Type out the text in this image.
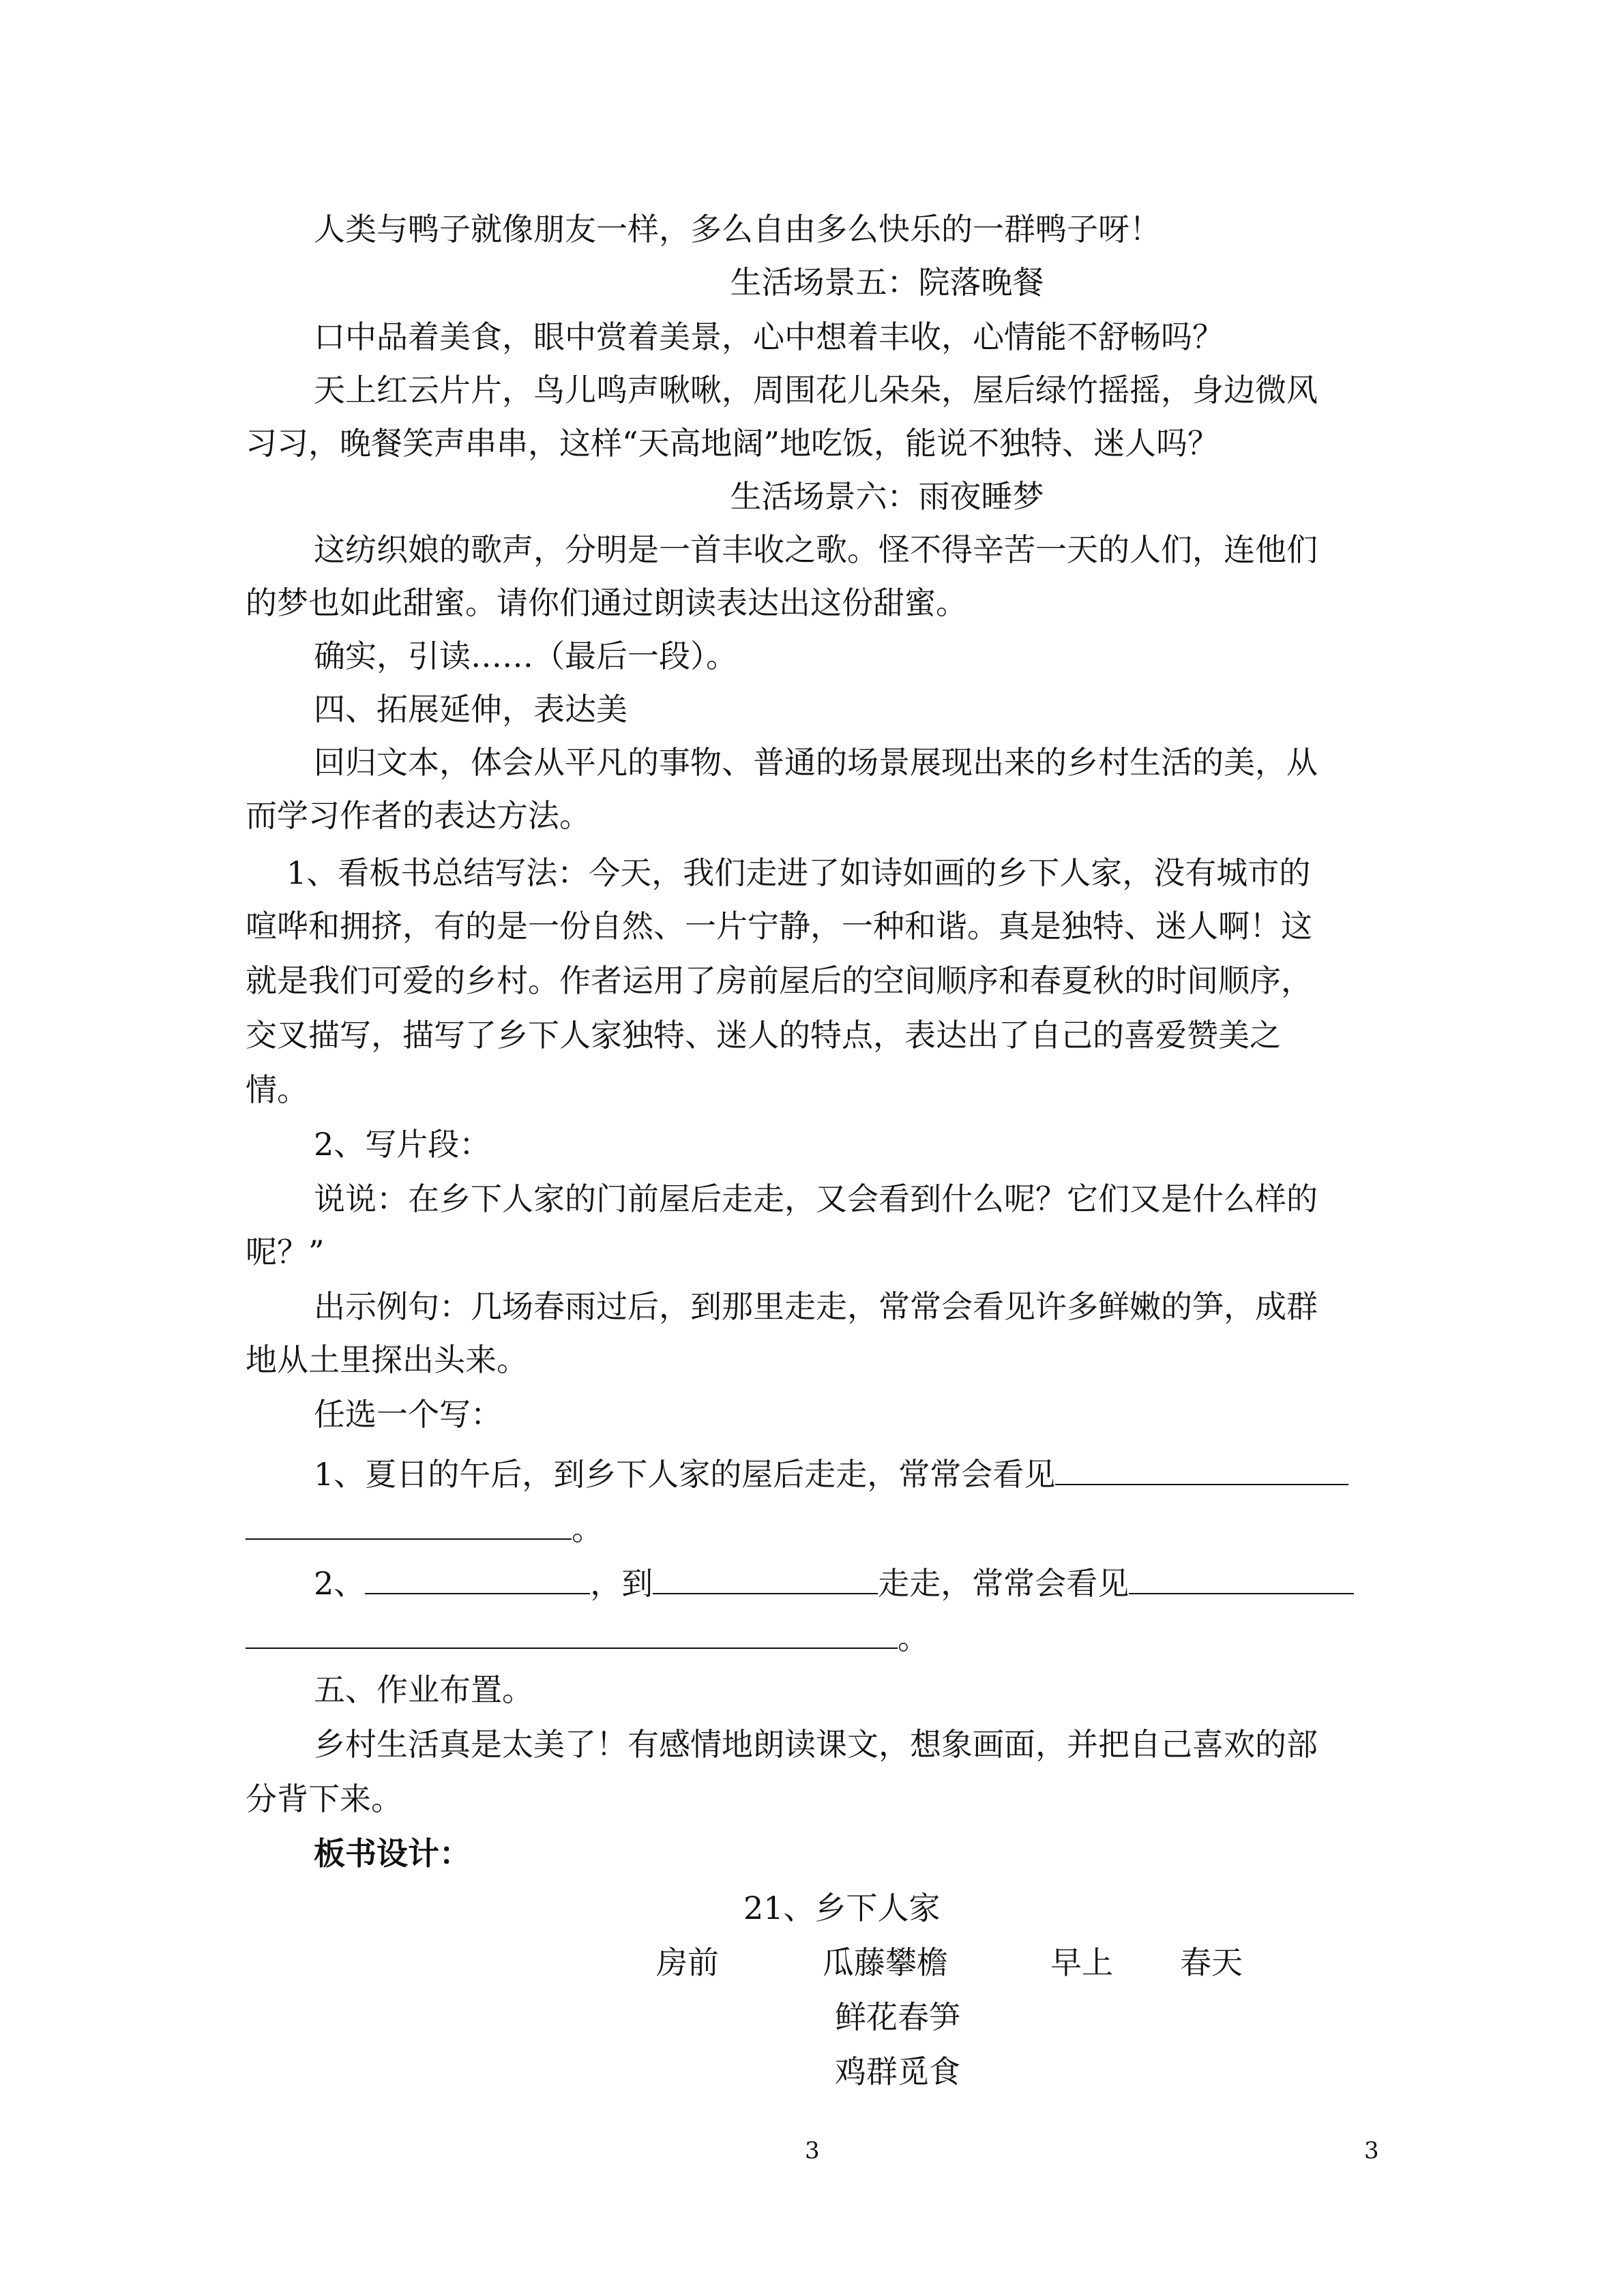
人类与鸭子就像朋友一样，多么自由多么快乐的一群鸭子呀！
生活场景五：院落晚餐
口中品着美食，眼中赏着美景，心中想着丰收，心情能不舒畅吗？
天上红云片片，鸟儿鸣声啾啾，周围花儿朵朵，屋后绿竹摇摇，身边微风
习习，晚餐笑声串串，这样“天高地阔”地吃饭，能说不独特、迷人吗？
生活场景六：雨夜睡梦
这纺织娘的歌声，分明是一首丰收之歌。怪不得辛苦一天的人们，连他们
的梦也如此甜蜜。请你们通过朗读表达出这份甜蜜。
确实，引读……（最后一段）。
四、拓展延伸，表达美
回归文本，体会从平凡的事物、普通的场景展现出来的乡村生活的美，从
而学习作者的表达方法。
1、看板书总结写法：今天，我们走进了如诗如画的乡下人家，没有城市的
喧哗和拥挤，有的是一份自然、一片宁静，一种和谐。真是独特、迷人啊！这
就是我们可爱的乡村。作者运用了房前屋后的空间顺序和春夏秋的时间顺序，
交叉描写，描写了乡下人家独特、迷人的特点，表达出了自己的喜爱赞美之
情。
2、写片段：
说说：在乡下人家的门前屋后走走，又会看到什么呢？它们又是什么样的
呢？”
出示例句：几场春雨过后，到那里走走，常常会看见许多鲜嫩的笋，成群
地从土里探出头来。
任选一个写：
1、夏日的午后，到乡下人家的屋后走走，常常会看见
。
2、	，到	走走，常常会看见
。
五、作业布置。
乡村生活真是太美了！有感情地朗读课文，想象画面，并把自己喜欢的部
分背下来。
板书设计：
21、乡下人家
房前	瓜藤攀檐	早上 春天
鲜花春笋
鸡群觅食
3	3
